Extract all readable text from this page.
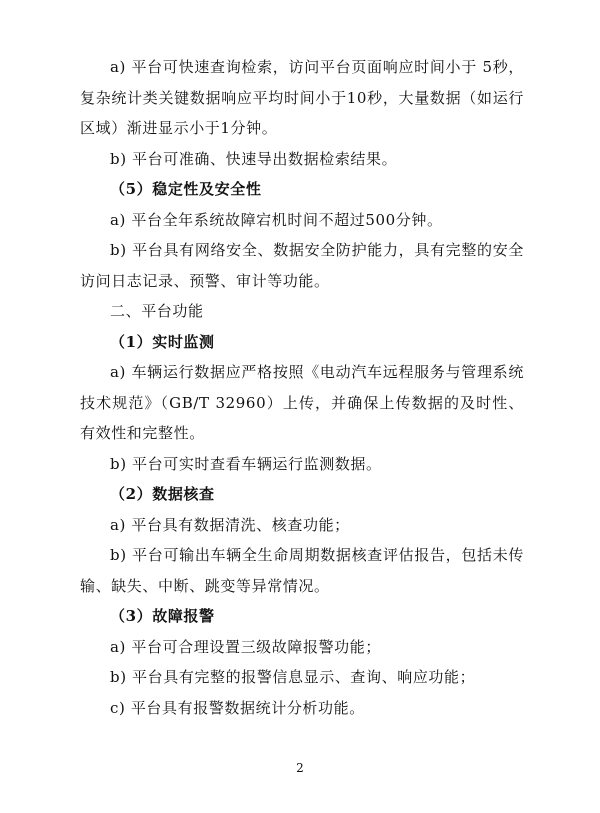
a) 平台可快速查询检索，访问平台页面响应时间小于 5秒，复杂统计类关键数据响应平均时间小于10秒，大量数据（如运行区域）渐进显示小于1分钟。

b) 平台可准确、快速导出数据检索结果。

（5）稳定性及安全性

a) 平台全年系统故障宕机时间不超过500分钟。

b) 平台具有网络安全、数据安全防护能力，具有完整的安全访问日志记录、预警、审计等功能。

二、平台功能

（1）实时监测

a) 车辆运行数据应严格按照《电动汽车远程服务与管理系统技术规范》（GB/T 32960）上传，并确保上传数据的及时性、有效性和完整性。

b) 平台可实时查看车辆运行监测数据。

（2）数据核查

a) 平台具有数据清洗、核查功能；

b) 平台可输出车辆全生命周期数据核查评估报告，包括未传输、缺失、中断、跳变等异常情况。

（3）故障报警

a) 平台可合理设置三级故障报警功能；

b) 平台具有完整的报警信息显示、查询、响应功能；

c) 平台具有报警数据统计分析功能。

2
